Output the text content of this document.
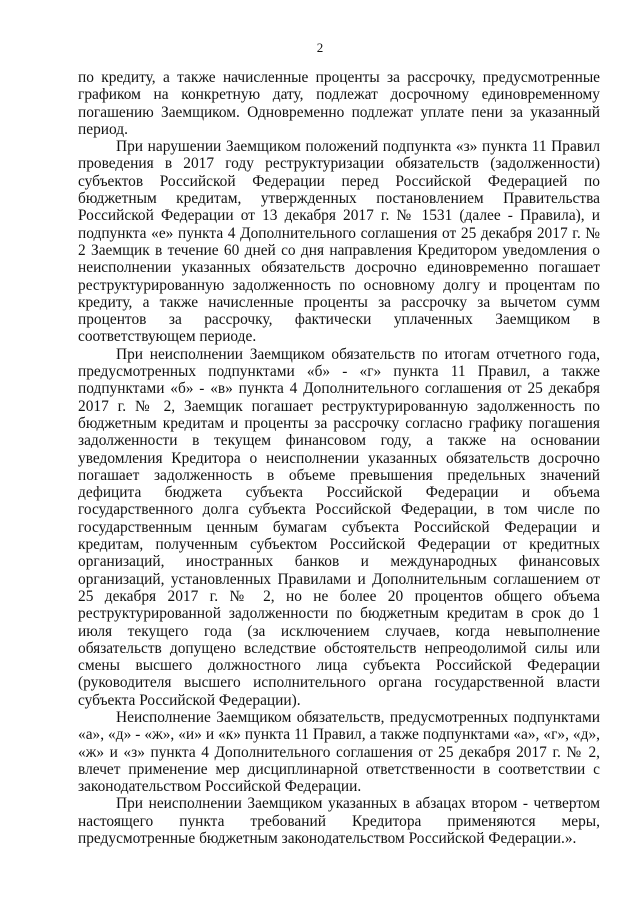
2

по кредиту, а также начисленные проценты за рассрочку, предусмотренные графиком на конкретную дату, подлежат досрочному единовременному погашению Заемщиком. Одновременно подлежат уплате пени за указанный период.

При нарушении Заемщиком положений подпункта «з» пункта 11 Правил проведения в 2017 году реструктуризации обязательств (задолженности) субъектов Российской Федерации перед Российской Федерацией по бюджетным кредитам, утвержденных постановлением Правительства Российской Федерации от 13 декабря 2017 г. № 1531 (далее - Правила), и подпункта «е» пункта 4 Дополнительного соглашения от 25 декабря 2017 г. № 2 Заемщик в течение 60 дней со дня направления Кредитором уведомления о неисполнении указанных обязательств досрочно единовременно погашает реструктурированную задолженность по основному долгу и процентам по кредиту, а также начисленные проценты за рассрочку за вычетом сумм процентов за рассрочку, фактически уплаченных Заемщиком в соответствующем периоде.

При неисполнении Заемщиком обязательств по итогам отчетного года, предусмотренных подпунктами «б» - «г» пункта 11 Правил, а также подпунктами «б» - «в» пункта 4 Дополнительного соглашения от 25 декабря 2017 г. № 2, Заемщик погашает реструктурированную задолженность по бюджетным кредитам и проценты за рассрочку согласно графику погашения задолженности в текущем финансовом году, а также на основании уведомления Кредитора о неисполнении указанных обязательств досрочно погашает задолженность в объеме превышения предельных значений дефицита бюджета субъекта Российской Федерации и объема государственного долга субъекта Российской Федерации, в том числе по государственным ценным бумагам субъекта Российской Федерации и кредитам, полученным субъектом Российской Федерации от кредитных организаций, иностранных банков и международных финансовых организаций, установленных Правилами и Дополнительным соглашением от 25 декабря 2017 г. № 2, но не более 20 процентов общего объема реструктурированной задолженности по бюджетным кредитам в срок до 1 июля текущего года (за исключением случаев, когда невыполнение обязательств допущено вследствие обстоятельств непреодолимой силы или смены высшего должностного лица субъекта Российской Федерации (руководителя высшего исполнительного органа государственной власти субъекта Российской Федерации).

Неисполнение Заемщиком обязательств, предусмотренных подпунктами «а», «д» - «ж», «и» и «к» пункта 11 Правил, а также подпунктами «а», «г», «д», «ж» и «з» пункта 4 Дополнительного соглашения от 25 декабря 2017 г. № 2, влечет применение мер дисциплинарной ответственности в соответствии с законодательством Российской Федерации.

При неисполнении Заемщиком указанных в абзацах втором - четвертом настоящего пункта требований Кредитора применяются меры, предусмотренные бюджетным законодательством Российской Федерации.».
